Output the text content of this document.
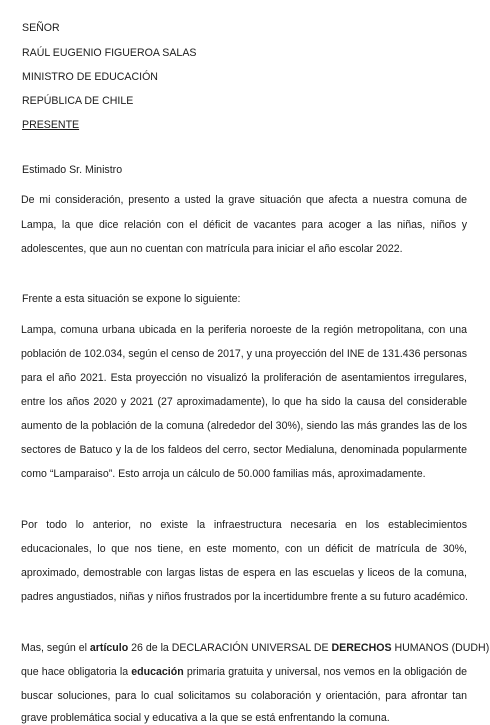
SEÑOR
RAÚL EUGENIO FIGUEROA SALAS
MINISTRO DE EDUCACIÓN
REPÚBLICA DE CHILE
PRESENTE
Estimado Sr. Ministro
De mi consideración, presento a usted la grave situación que afecta a nuestra comuna de
Lampa, la que dice relación con el déficit de vacantes para acoger a las niñas, niños y
adolescentes, que aun no cuentan con matrícula para iniciar el año escolar 2022.
Frente a esta situación se expone lo siguiente:
Lampa, comuna urbana ubicada en la periferia noroeste de la región metropolitana, con una
población de 102.034, según el censo de 2017, y una proyección del INE de 131.436 personas
para el año 2021. Esta proyección no visualizó la proliferación de asentamientos irregulares,
entre los años 2020 y 2021 (27 aproximadamente), lo que ha sido la causa del considerable
aumento de la población de la comuna (alrededor del 30%), siendo las más grandes las de los
sectores de Batuco y la de los faldeos del cerro, sector Medialuna, denominada popularmente
como “Lamparaiso”. Esto arroja un cálculo de 50.000 familias más, aproximadamente.
Por todo lo anterior, no existe la infraestructura necesaria en los establecimientos
educacionales, lo que nos tiene, en este momento, con un déficit de matrícula de 30%,
aproximado, demostrable con largas listas de espera en las escuelas y liceos de la comuna,
padres angustiados, niñas y niños frustrados por la incertidumbre frente a su futuro académico.
Mas, según el artículo 26 de la DECLARACIÓN UNIVERSAL DE DERECHOS HUMANOS (DUDH)
que hace obligatoria la educación primaria gratuita y universal, nos vemos en la obligación de
buscar soluciones, para lo cual solicitamos su colaboración y orientación, para afrontar tan
grave problemática social y educativa a la que se está enfrentando la comuna.
